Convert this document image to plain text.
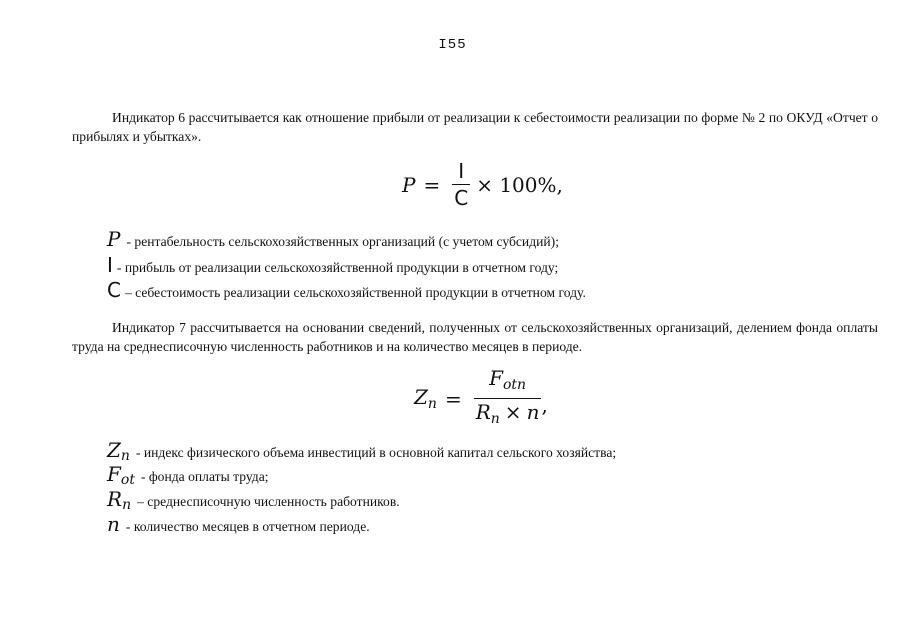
I55

Индикатор 6 рассчитывается как отношение прибыли от реализации к себестоимости реализации по форме № 2 по ОКУД «Отчет о прибылях и убытках».

$P = \frac{I}{C} \times 100\%$,
P - рентабельность сельскохозяйственных организаций (с учетом субсидий);
I - прибыль от реализации сельскохозяйственной продукции в отчетном году;
C – себестоимость реализации сельскохозяйственной продукции в отчетном году.

Индикатор 7 рассчитывается на основании сведений, полученных от сельскохозяйственных организаций, делением фонда оплаты труда на среднесписочную численность работников и на количество месяцев в периоде.

$Z_n = \frac{F_{otn}}{R_n \times n}$ ,
$Z_n$ - индекс физического объема инвестиций в основной капитал сельского хозяйства;
$F_{ot}$ - фонда оплаты труда;
$R_n$ – среднесписочную численность работников.
n - количество месяцев в отчетном периоде.
